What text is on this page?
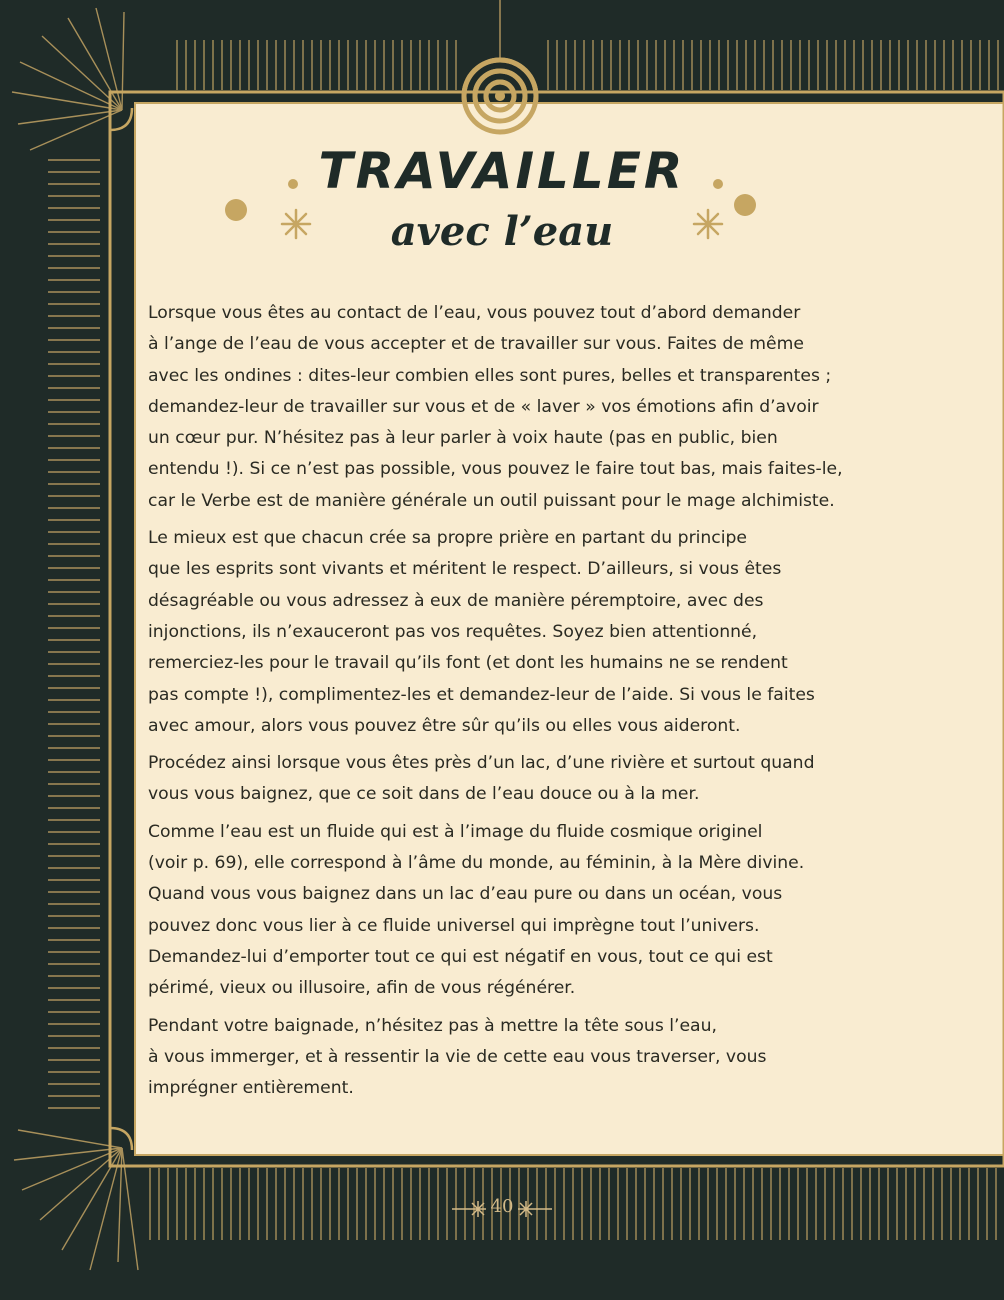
TRAVAILLER
avec l’eau

Lorsque vous êtes au contact de l’eau, vous pouvez tout d’abord demander
à l’ange de l’eau de vous accepter et de travailler sur vous. Faites de même
avec les ondines : dites-leur combien elles sont pures, belles et transparentes ;
demandez-leur de travailler sur vous et de « laver » vos émotions afin d’avoir
un cœur pur. N’hésitez pas à leur parler à voix haute (pas en public, bien
entendu !). Si ce n’est pas possible, vous pouvez le faire tout bas, mais faites-le,
car le Verbe est de manière générale un outil puissant pour le mage alchimiste.

Le mieux est que chacun crée sa propre prière en partant du principe
que les esprits sont vivants et méritent le respect. D’ailleurs, si vous êtes
désagréable ou vous adressez à eux de manière péremptoire, avec des
injonctions, ils n’exauceront pas vos requêtes. Soyez bien attentionné,
remerciez-les pour le travail qu’ils font (et dont les humains ne se rendent
pas compte !), complimentez-les et demandez-leur de l’aide. Si vous le faites
avec amour, alors vous pouvez être sûr qu’ils ou elles vous aideront.

Procédez ainsi lorsque vous êtes près d’un lac, d’une rivière et surtout quand
vous vous baignez, que ce soit dans de l’eau douce ou à la mer.

Comme l’eau est un fluide qui est à l’image du fluide cosmique originel
(voir p. 69), elle correspond à l’âme du monde, au féminin, à la Mère divine.
Quand vous vous baignez dans un lac d’eau pure ou dans un océan, vous
pouvez donc vous lier à ce fluide universel qui imprègne tout l’univers.
Demandez-lui d’emporter tout ce qui est négatif en vous, tout ce qui est
périmé, vieux ou illusoire, afin de vous régénérer.

Pendant votre baignade, n’hésitez pas à mettre la tête sous l’eau,
à vous immerger, et à ressentir la vie de cette eau vous traverser, vous
imprégner entièrement.

40
